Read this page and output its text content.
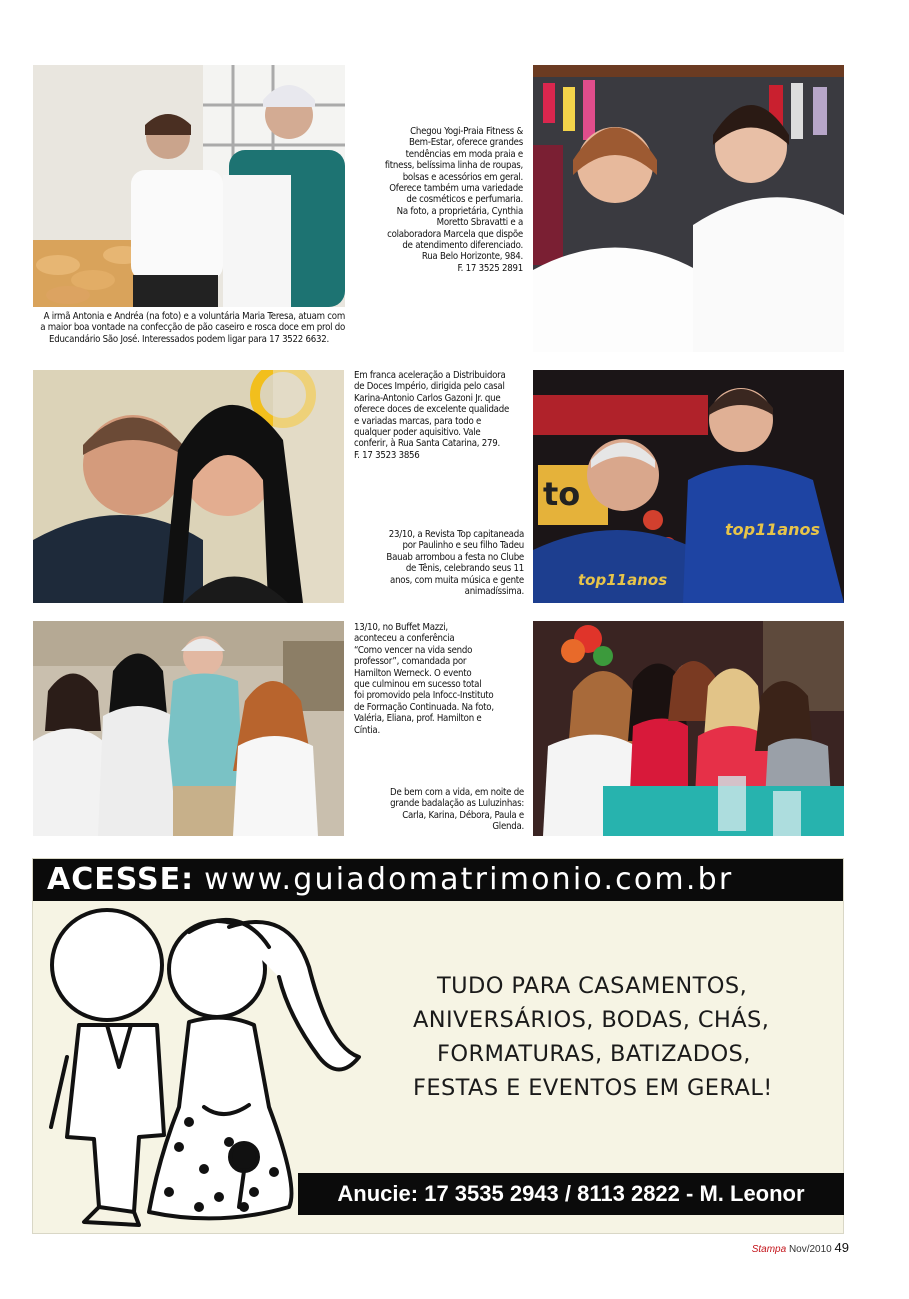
A irmã Antonia e Andréa (na foto) e a voluntária Maria Teresa, atuam com
a maior boa vontade na confecção de pão caseiro e rosca doce em prol do
Educandário São José. Interessados podem ligar para 17 3522 6632.
Chegou Yogi-Praia Fitness &
Bem-Estar, oferece grandes
tendências em moda praia e
fitness, belíssima linha de roupas,
bolsas e acessórios em geral.
Oferece também uma variedade
de cosméticos e perfumaria.
Na foto, a proprietária, Cynthia
Moretto Sbravatti e a
colaboradora Marcela que dispõe
de atendimento diferenciado.
Rua Belo Horizonte, 984.
F. 17 3525 2891
Em franca aceleração a Distribuidora
de Doces Império, dirigida pelo casal
Karina-Antonio Carlos Gazoni Jr. que
oferece doces de excelente qualidade
e variadas marcas, para todo e
qualquer poder aquisitivo. Vale
conferir, à Rua Santa Catarina, 279.
F. 17 3523 3856
23/10, a Revista Top capitaneada
por Paulinho e seu filho Tadeu
Bauab arrombou a festa no Clube
de Tênis, celebrando seus 11
anos, com muita música e gente
animadíssima.
to
top11anos
top11anos
13/10, no Buffet Mazzi,
aconteceu a conferência
“Como vencer na vida sendo
professor”, comandada por
Hamilton Werneck. O evento
que culminou em sucesso total
foi promovido pela Infocc-Instituto
de Formação Continuada. Na foto,
Valéria, Eliana, prof. Hamilton e
Cíntia.
De bem com a vida, em noite de
grande badalação as Luluzinhas:
Carla, Karina, Débora, Paula e
Glenda.
ACESSE: www.guiadomatrimonio.com.br
TUDO PARA CASAMENTOS,
ANIVERSÁRIOS, BODAS, CHÁS,
FORMATURAS, BATIZADOS,
FESTAS E EVENTOS EM GERAL!
Anucie: 17 3535 2943 / 8113 2822 - M. Leonor
Stampa Nov/2010 49
